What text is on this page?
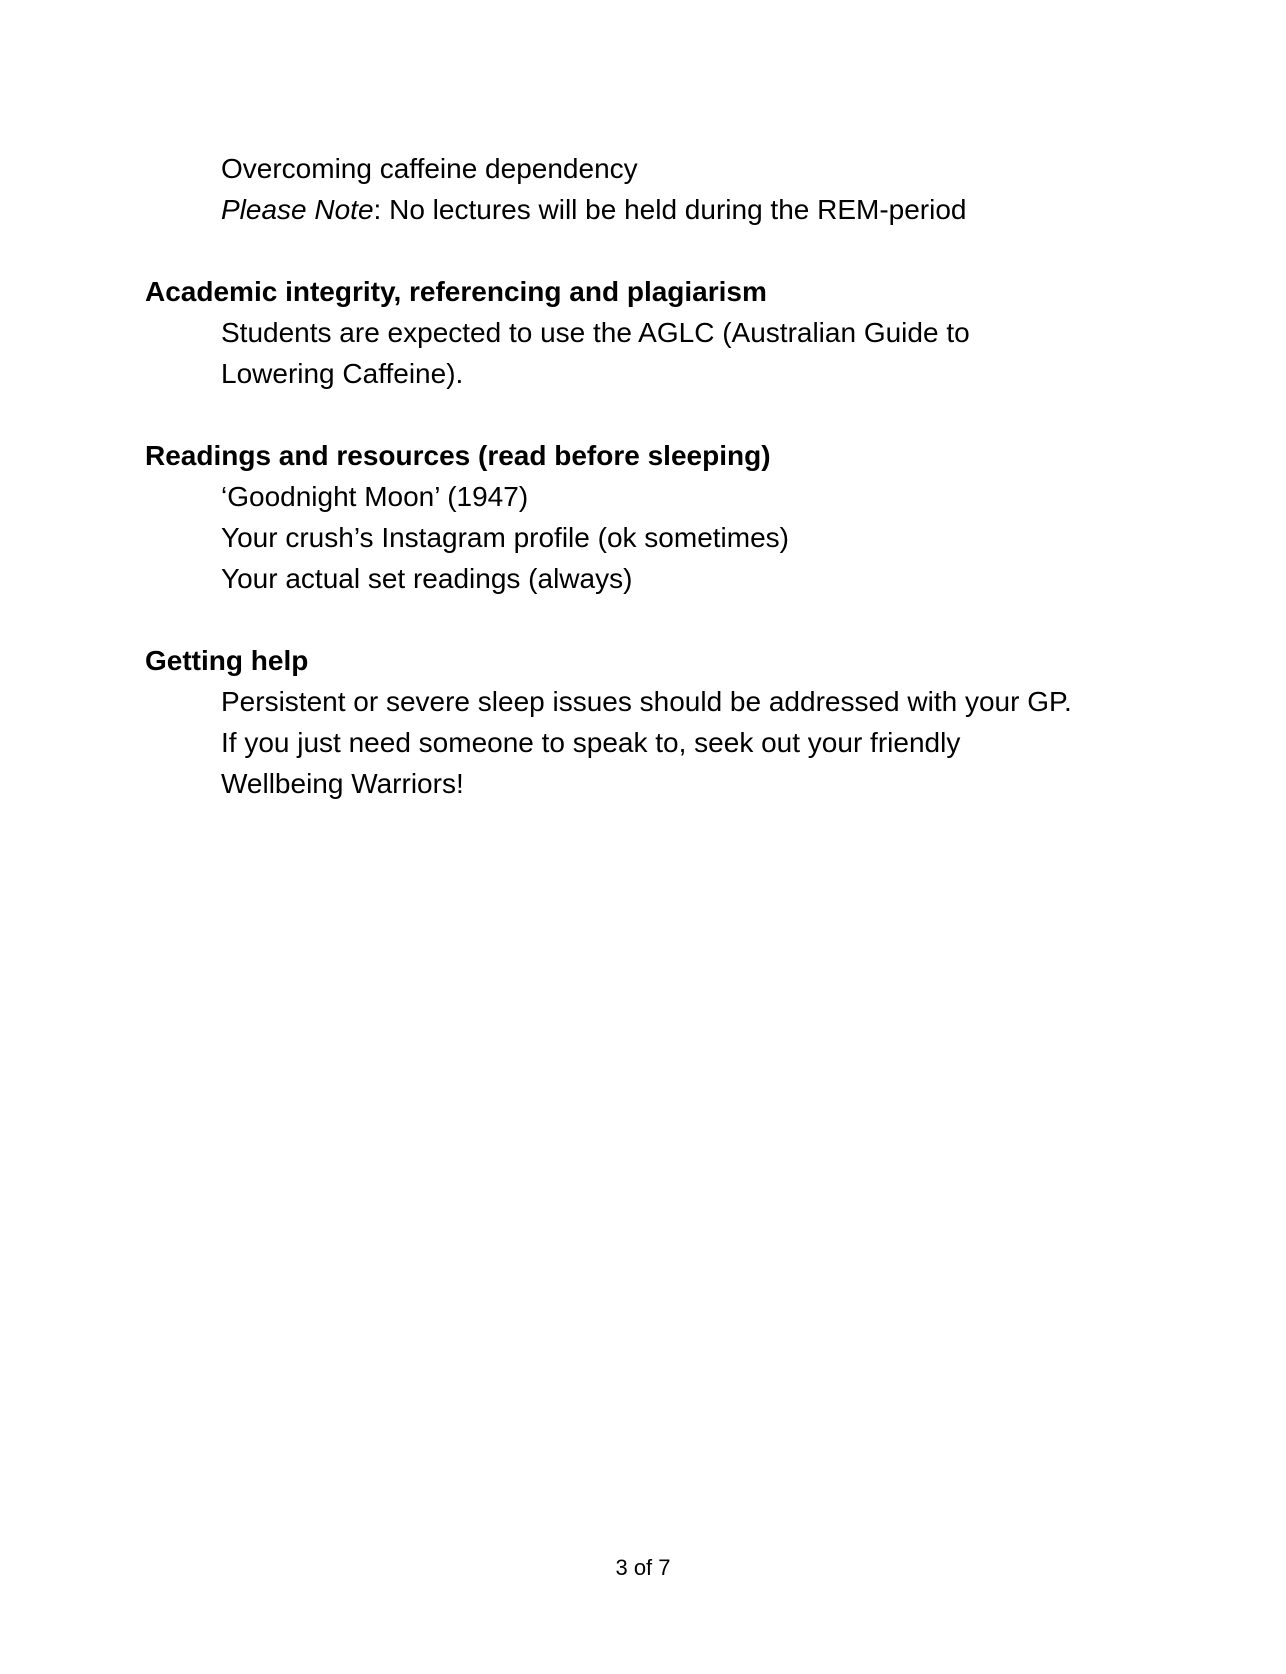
Overcoming caffeine dependency
Please Note: No lectures will be held during the REM-period
Academic integrity, referencing and plagiarism
Students are expected to use the AGLC (Australian Guide to
Lowering Caffeine).
Readings and resources (read before sleeping)
‘Goodnight Moon’ (1947)
Your crush’s Instagram profile (ok sometimes)
Your actual set readings (always)
Getting help
Persistent or severe sleep issues should be addressed with your GP.
If you just need someone to speak to, seek out your friendly
Wellbeing Warriors!
3 of 7
